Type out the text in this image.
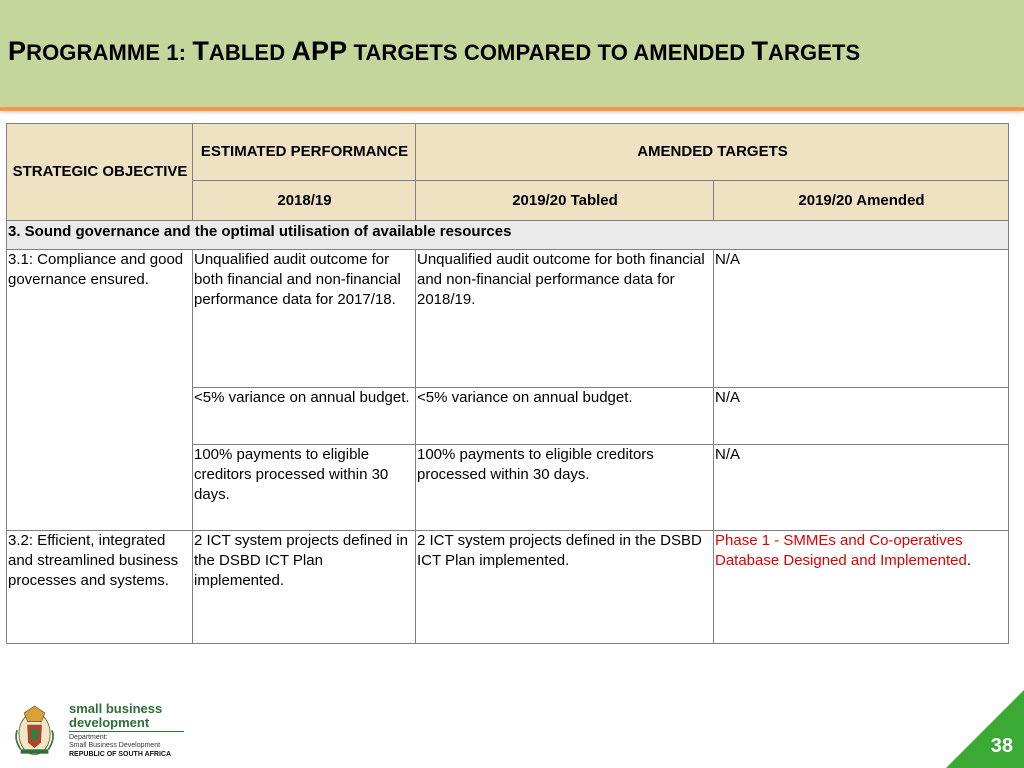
PROGRAMME 1: TABLED APP TARGETS COMPARED TO AMENDED TARGETS
STRATEGIC OBJECTIVE	ESTIMATED PERFORMANCE	AMENDED TARGETS	
	2018/19	2019/20 Tabled	2019/20 Amended
3. Sound governance and the optimal utilisation of available resources			
3.1: Compliance and good governance ensured.	Unqualified audit outcome for both financial and non-financial performance data for 2017/18.	Unqualified audit outcome for both financial and non-financial performance data for 2018/19.	N/A
	<5% variance on annual budget.	<5% variance on annual budget.	N/A
	100% payments to eligible creditors processed within 30 days.	100% payments to eligible creditors processed within 30 days.	N/A
3.2: Efficient, integrated and streamlined business processes and systems.	2 ICT system projects defined in the DSBD ICT Plan implemented.	2 ICT system projects defined in the DSBD ICT Plan implemented.	Phase 1 - SMMEs and Co-operatives Database Designed and Implemented.
small business
development
Department:
Small Business Development
REPUBLIC OF SOUTH AFRICA	38
